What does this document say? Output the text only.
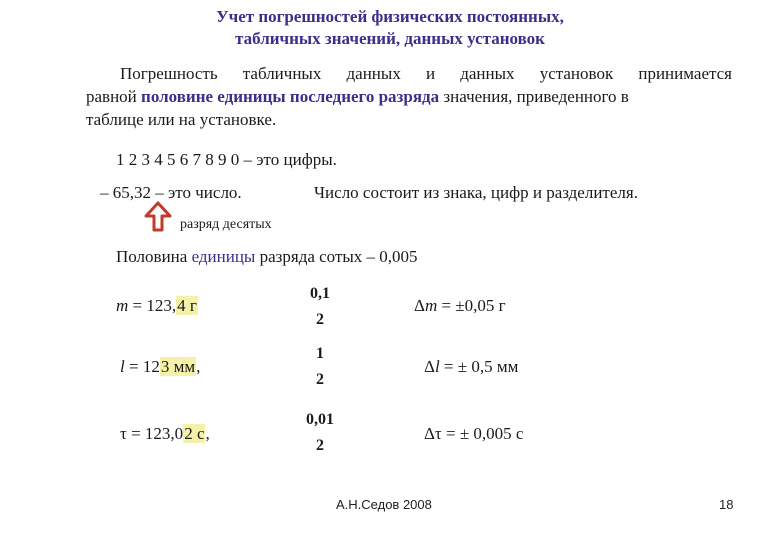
Учет погрешностей физических постоянных,
табличных значений, данных установок
Погрешность табличных данных и данных установок принимается
равной половине единицы последнего разряда значения, приведенного в
таблице или на установке.
1 2 3 4 5 6 7 8 9 0 – это цифры.
– 65,32 – это число.	Число состоит из знака, цифр и разделителя.
разряд десятых
Половина единицы разряда сотых – 0,005
m = 123,4 г
0,1
2
Δm = ±0,05 г
l = 123 мм,
1
2
Δl = ± 0,5 мм
τ = 123,02 с,
0,01
2
Δτ = ± 0,005 с
А.Н.Седов 2008	18
